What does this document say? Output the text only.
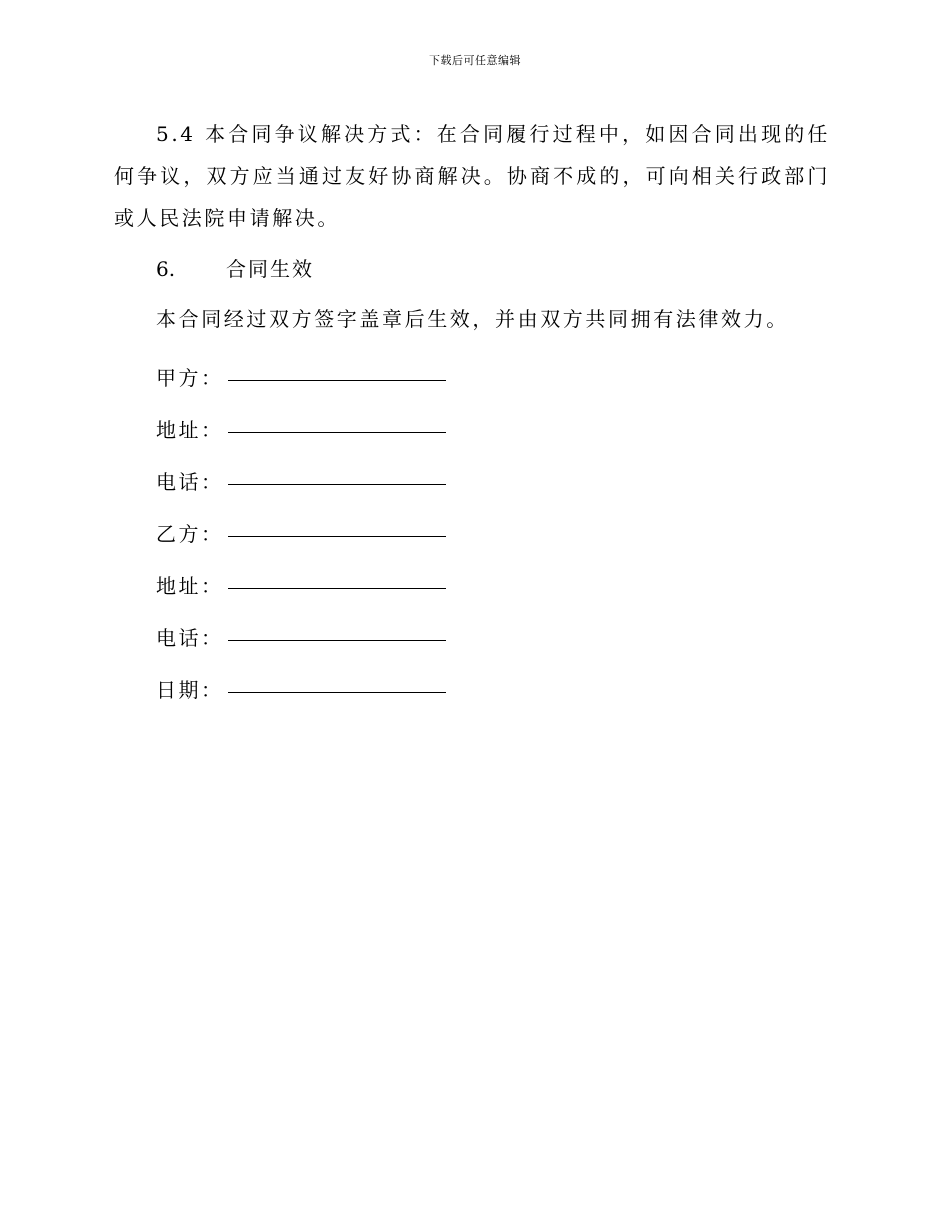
下载后可任意编辑

5.4 本合同争议解决方式：在合同履行过程中，如因合同出现的任何争议，双方应当通过友好协商解决。协商不成的，可向相关行政部门或人民法院申请解决。

6.	合同生效

本合同经过双方签字盖章后生效，并由双方共同拥有法律效力。

甲方：
地址：
电话：
乙方：
地址：
电话：
日期：
